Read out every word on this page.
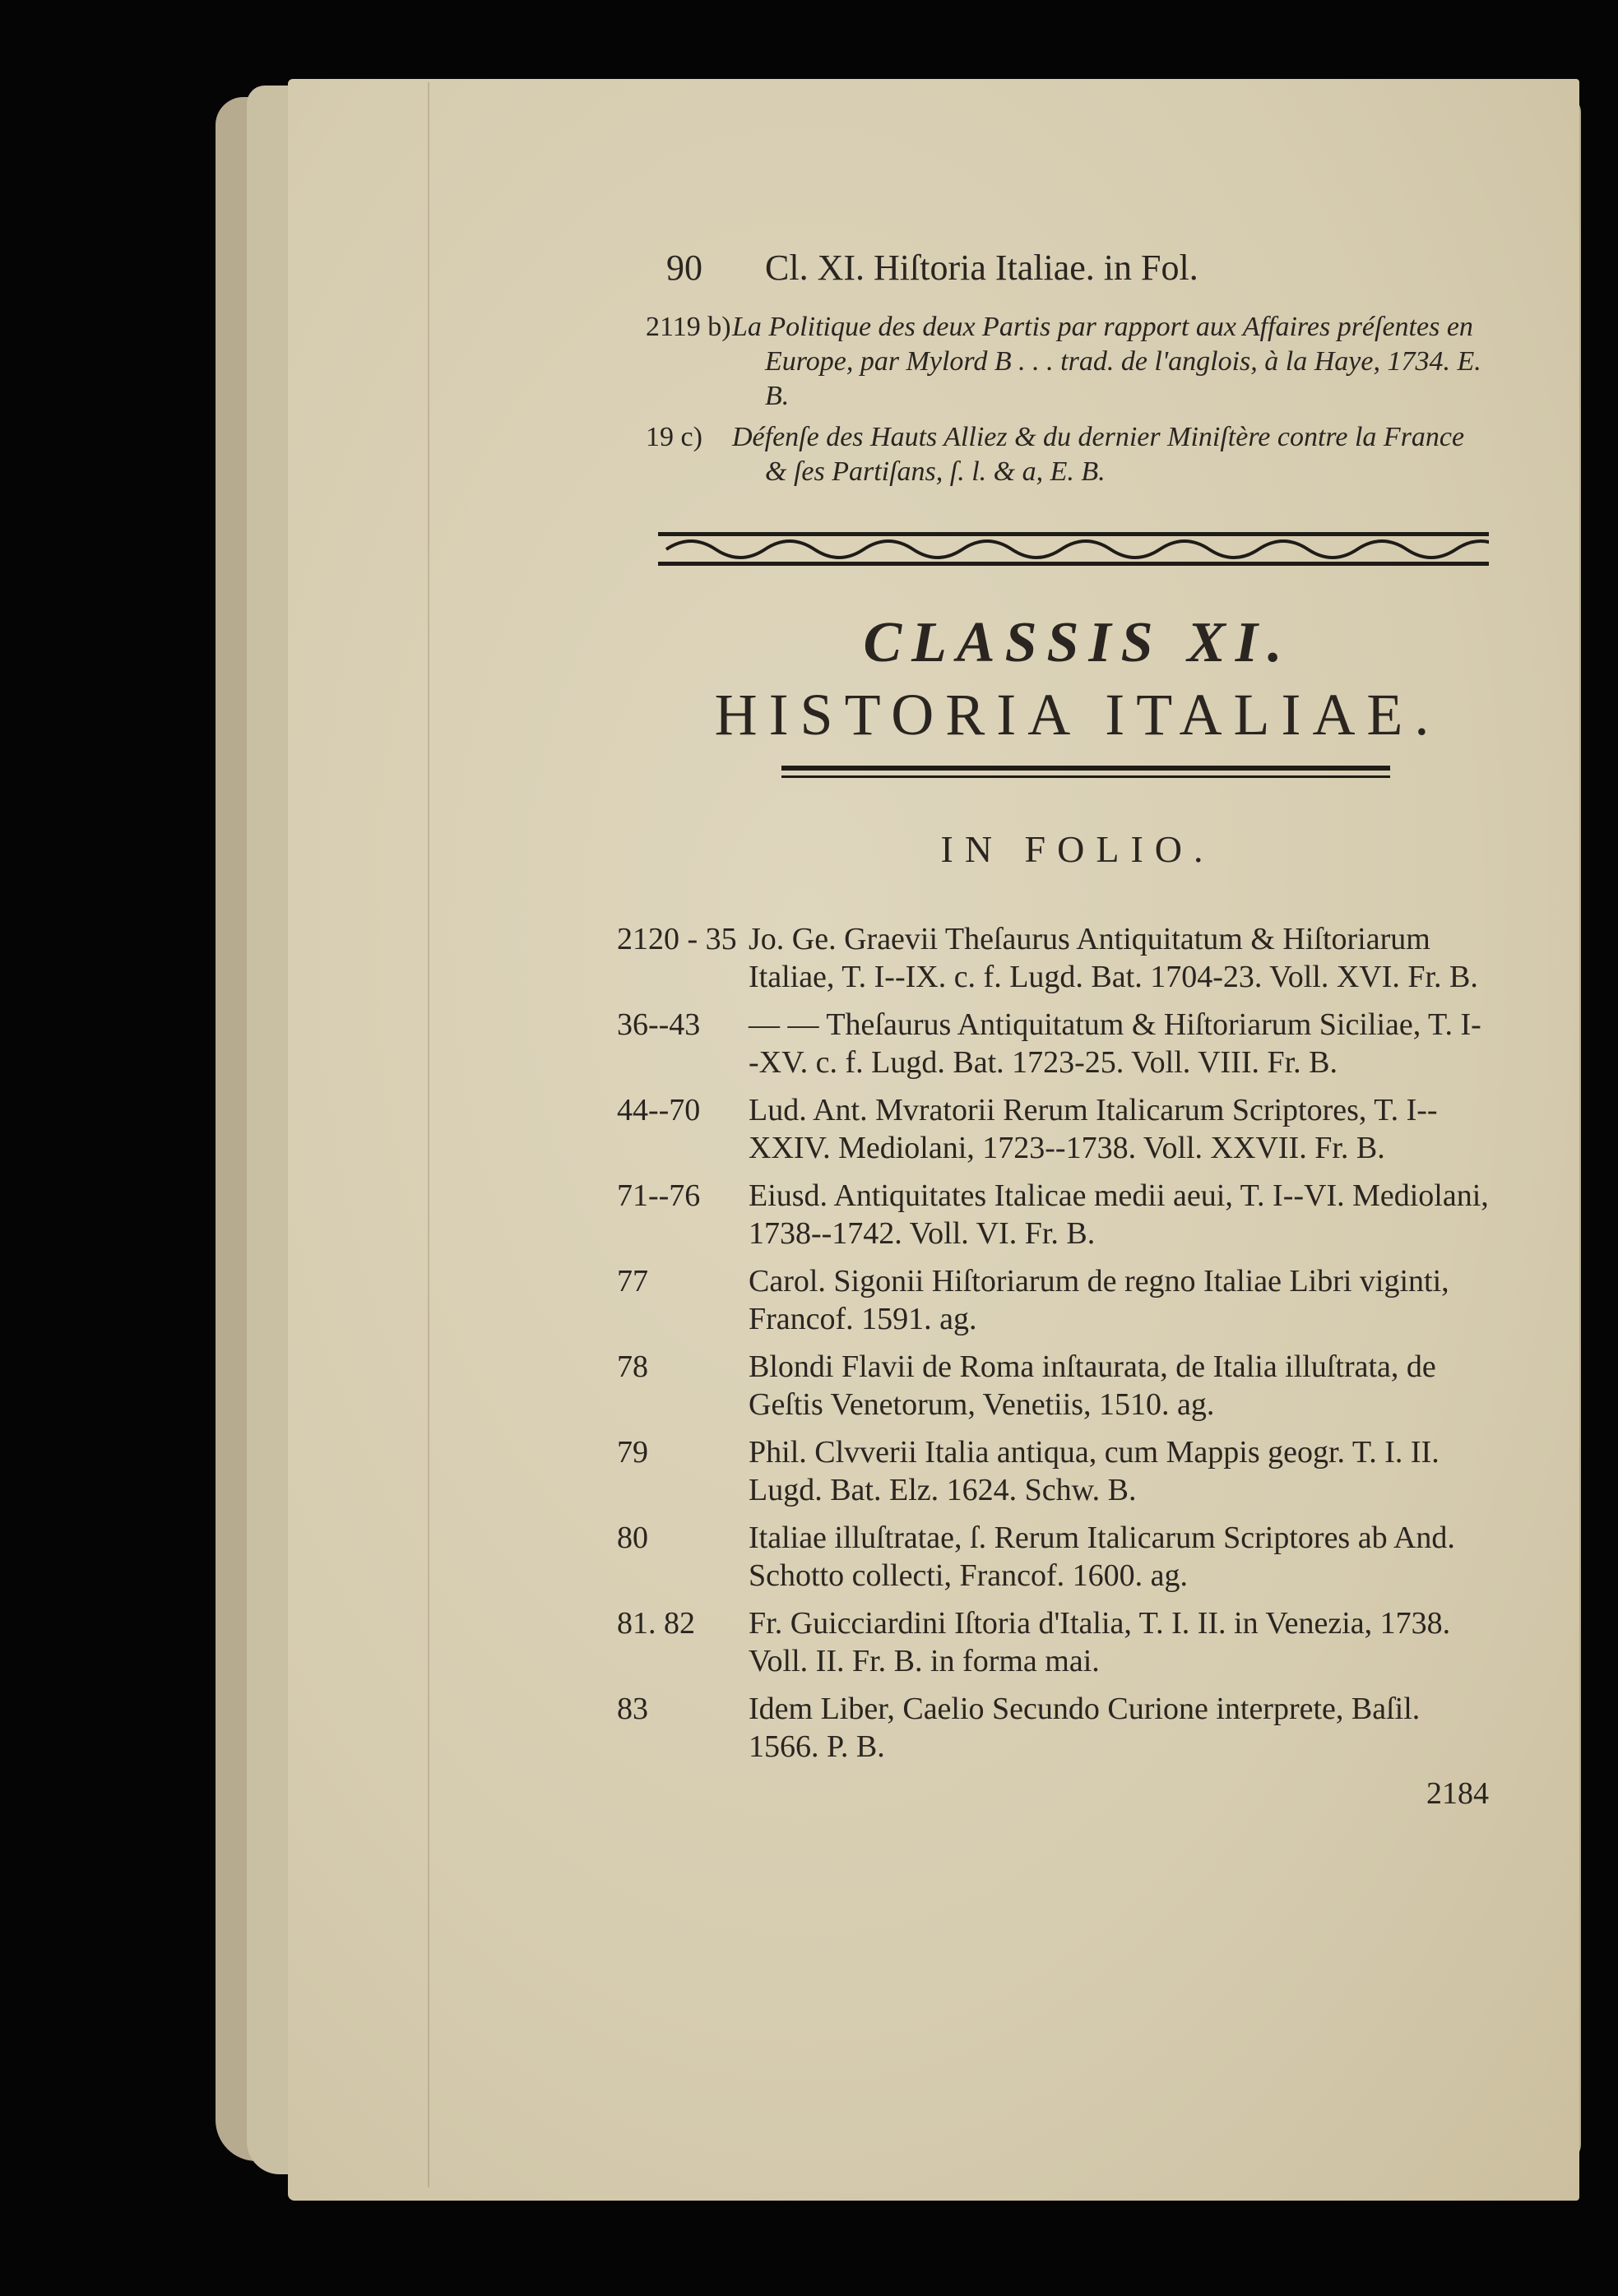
90	Cl. XI. Hiſtoria Italiae. in Fol.
2119 b) La Politique des deux Partis par rapport aux Affaires préſentes en Europe, par Mylord B . . . trad. de l'anglois, à la Haye, 1734. E. B.
19 c)	Défenſe des Hauts Alliez & du dernier Miniſtère contre la France & ſes Partiſans, ſ. l. & a, E. B.
CLASSIS XI.
HISTORIA ITALIAE.
IN FOLIO.
2120 - 35 Jo. Ge. Graevii Theſaurus Antiquitatum & Hiſtoriarum Italiae, T. I--IX. c. f. Lugd. Bat. 1704-23. Voll. XVI. Fr. B.
36--43	— — Theſaurus Antiquitatum & Hiſtoriarum Siciliae, T. I--XV. c. f. Lugd. Bat. 1723-25. Voll. VIII. Fr. B.
44--70	Lud. Ant. Mvratorii Rerum Italicarum Scriptores, T. I--XXIV. Mediolani, 1723--1738. Voll. XXVII. Fr. B.
71--76	Eiusd. Antiquitates Italicae medii aeui, T. I--VI. Mediolani, 1738--1742. Voll. VI. Fr. B.
77	Carol. Sigonii Hiſtoriarum de regno Italiae Libri viginti, Francof. 1591. ag.
78	Blondi Flavii de Roma inſtaurata, de Italia illuſtrata, de Geſtis Venetorum, Venetiis, 1510. ag.
79	Phil. Clvverii Italia antiqua, cum Mappis geogr. T. I. II. Lugd. Bat. Elz. 1624. Schw. B.
80	Italiae illuſtratae, ſ. Rerum Italicarum Scriptores ab And. Schotto collecti, Francof. 1600. ag.
81. 82	Fr. Guicciardini Iſtoria d'Italia, T. I. II. in Venezia, 1738. Voll. II. Fr. B. in forma mai.
83	Idem Liber, Caelio Secundo Curione interprete, Baſil. 1566. P. B.
2184
